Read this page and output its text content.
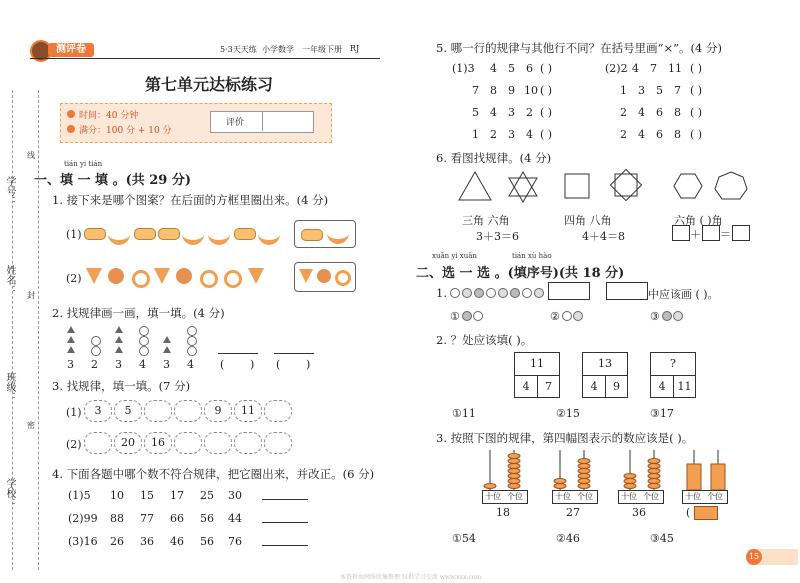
学号：
姓名：
班级：
学校：
线
封
密
测评卷	5·3天天练 小学数学 一年级下册 RJ
第七单元达标练习
时间：40 分钟
满分：100 分 + 10 分
评价
tián yi tián
一、填 一 填 。(共 29 分)
1. 接下来是哪个图案？在后面的方框里圈出来。(4 分)
(1)
(2)
2. 找规律画一画，填一填。(4 分)
3 2 3 4 3 4 ( ) ( )
3. 找规律，填一填。(7 分)
(1)	3	5	9	11
(2)	20	16
4. 下面各题中哪个数不符合规律，把它圈出来，并改正。(6 分)
(1)5 10 15 17 25 30
(2)99 88 77 66 56 44
(3)16 26 36 46 56 76
5. 哪一行的规律与其他行不同？在括号里画“×”。(4 分)
(1)3 4 5 6 ( )	(2)2 4 7 11 ( )
7 8 9 10 ( )	1 3 5 7 ( )
5 4 3 2 ( )	2 4 6 8 ( )
1 2 3 4 ( )	2 4 6 8 ( )
6. 看图找规律。(4 分)
三角 六角
3＋3＝6
四角 八角
4＋4＝8
六角 ( )角
＋ ＝
xuǎn yi xuǎn	tián xù hào
二、选 一 选 。(填序号)(共 18 分)
1.	中应该画 ( )。
①	②	③
2. ？处应该填( )。
11
4	7
13
4	9
?
4	11
①11	②15	③17
3. 按照下图的规律，第四幅图表示的数应该是( )。
十位 个位	十位 个位	十位 个位	十位 个位
18	27	36	(
①54	②46	③45
15
本资料由网络收集整理 仅供学习交流 www.xxx.com
